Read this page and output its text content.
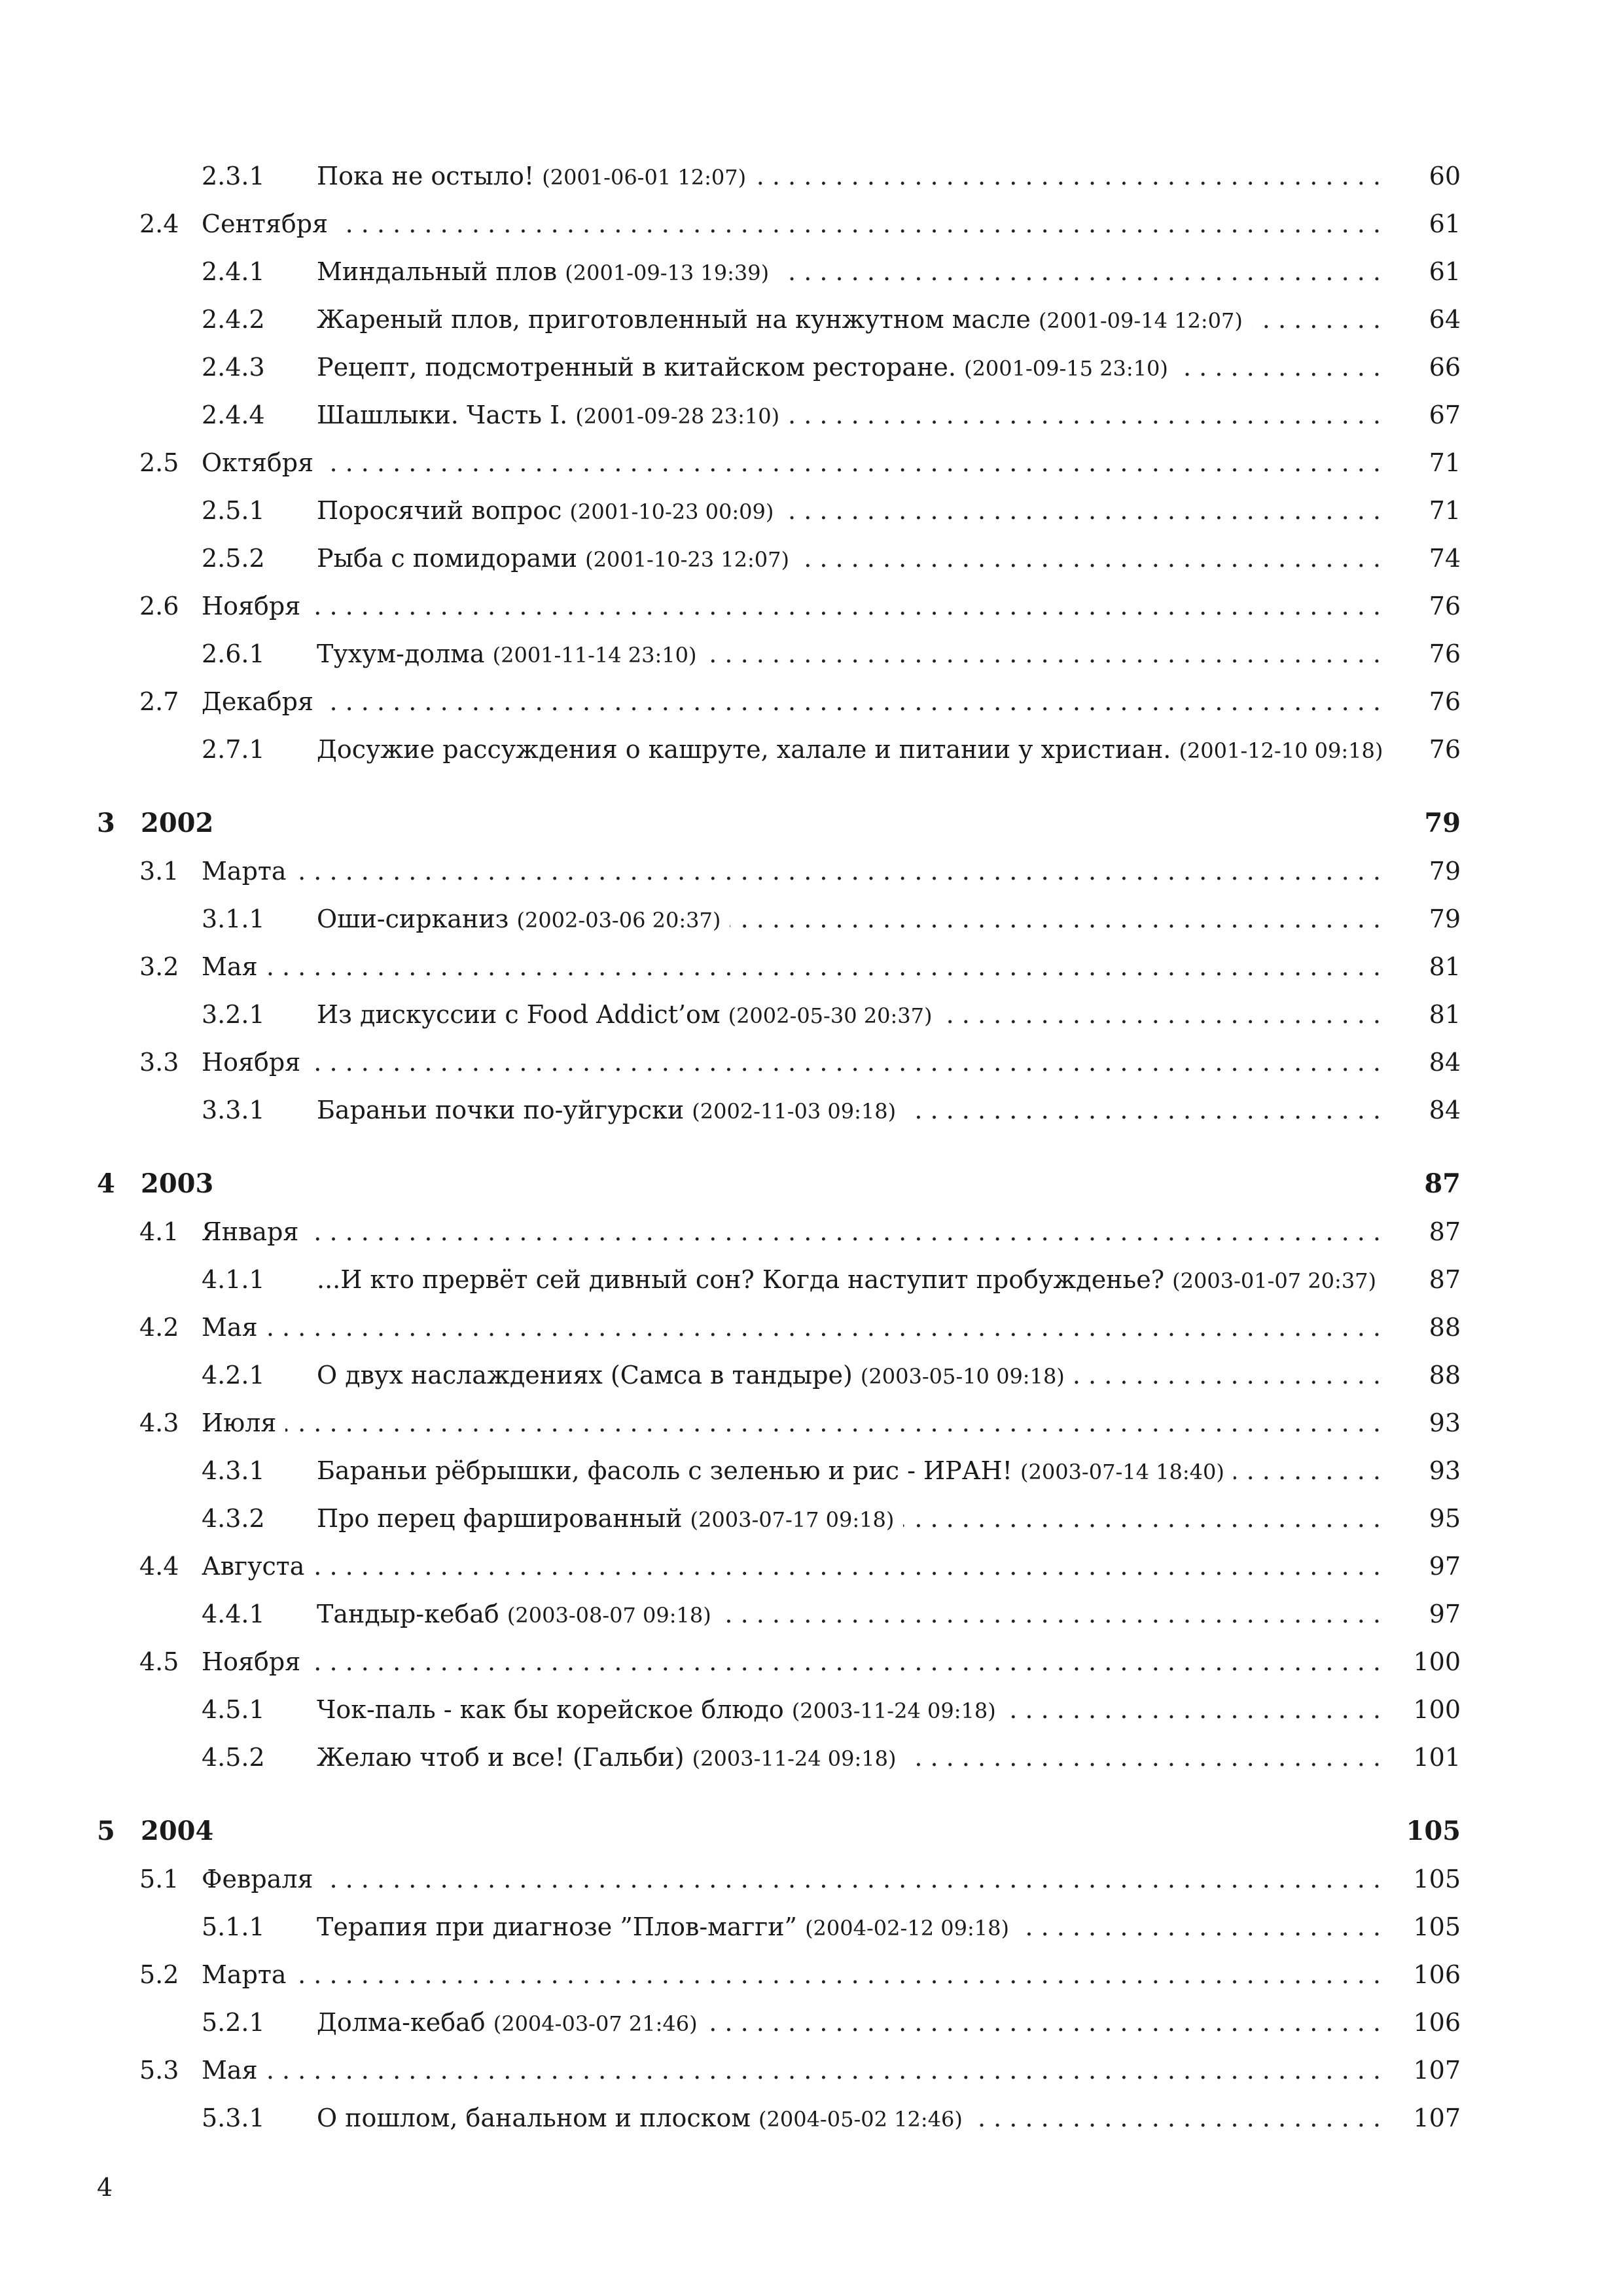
2.3.1 Пока не остыло! (2001-06-01 12:07) . . .	60
2.4 Сентября . . .	61
2.4.1 Миндальный плов (2001-09-13 19:39) . . .	61
2.4.2 Жареный плов, приготовленный на кунжутном масле (2001-09-14 12:07) . . .	64
2.4.3 Рецепт, подсмотренный в китайском ресторане. (2001-09-15 23:10) . . .	66
2.4.4 Шашлыки. Часть I. (2001-09-28 23:10) . . .	67
2.5 Октября . . .	71
2.5.1 Поросячий вопрос (2001-10-23 00:09) . . .	71
2.5.2 Рыба с помидорами (2001-10-23 12:07) . . .	74
2.6 Ноября . . .	76
2.6.1 Тухум-долма (2001-11-14 23:10) . . .	76
2.7 Декабря . . .	76
2.7.1 Досужие рассуждения о кашруте, халале и питании у христиан. (2001-12-10 09:18)	76
3 2002	79
3.1 Марта . . .	79
3.1.1 Оши-сирканиз (2002-03-06 20:37) . . .	79
3.2 Мая . . .	81
3.2.1 Из дискуссии с Food Addict’ом (2002-05-30 20:37) . . .	81
3.3 Ноября . . .	84
3.3.1 Бараньи почки по-уйгурски (2002-11-03 09:18) . . .	84
4 2003	87
4.1 Января . . .	87
4.1.1 ...И кто прервёт сей дивный сон? Когда наступит пробужденье? (2003-01-07 20:37)	87
4.2 Мая . . .	88
4.2.1 О двух наслаждениях (Самса в тандыре) (2003-05-10 09:18) . . .	88
4.3 Июля . . .	93
4.3.1 Бараньи рёбрышки, фасоль с зеленью и рис - ИРАН! (2003-07-14 18:40) . . .	93
4.3.2 Про перец фаршированный (2003-07-17 09:18) . . .	95
4.4 Августа . . .	97
4.4.1 Тандыр-кебаб (2003-08-07 09:18) . . .	97
4.5 Ноября . . .	100
4.5.1 Чок-паль - как бы корейское блюдо (2003-11-24 09:18) . . .	100
4.5.2 Желаю чтоб и все! (Гальби) (2003-11-24 09:18) . . .	101
5 2004	105
5.1 Февраля . . .	105
5.1.1 Терапия при диагнозе ”Плов-магги” (2004-02-12 09:18) . . .	105
5.2 Марта . . .	106
5.2.1 Долма-кебаб (2004-03-07 21:46) . . .	106
5.3 Мая . . .	107
5.3.1 О пошлом, банальном и плоском (2004-05-02 12:46) . . .	107
4
